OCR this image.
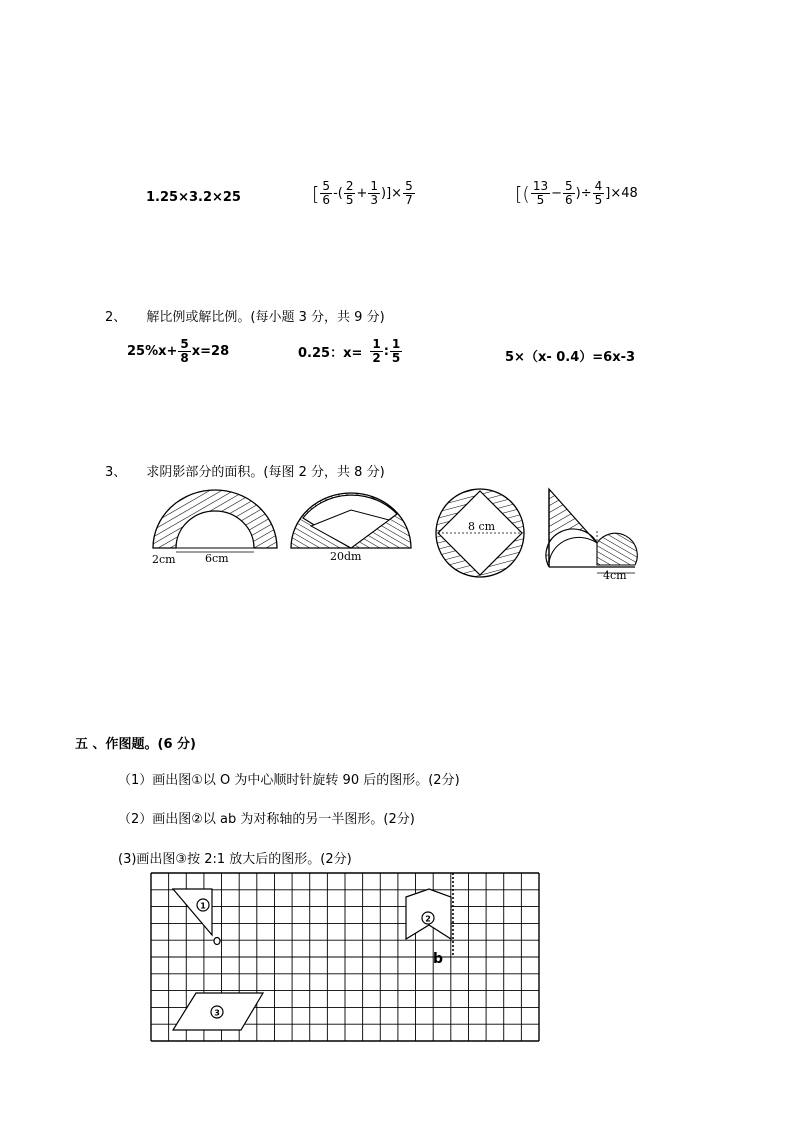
1.25×3.2×25	[ $\frac{5}{6}$ -( $\frac{2}{5} + \frac{1}{3}$ )]× $\frac{5}{7}$	[( $\frac{13}{5} - \frac{5}{6}$ )÷ $\frac{4}{5} ]\times 48$
2、 解比例或解比例。(每小题 3 分，共 9 分)
$25\%x+ \frac{5}{8} x=28$	0.25：$x= \frac{1}{2}$ : $\frac{1}{5}$	5×（x- 0.4）=6x-3
3、 求阴影部分的面积。(每图 2 分，共 8 分)
2cm	6cm	20dm
8 cm
4cm
五 、作图题。(6 分)
（1）画出图①以 O 为中心顺时针旋转 90 后的图形。(2分)
（2）画出图②以 ab 为对称轴的另一半图形。(2分)
(3)画出图③按 2:1 放大后的图形。(2分)
1
2
b
3
